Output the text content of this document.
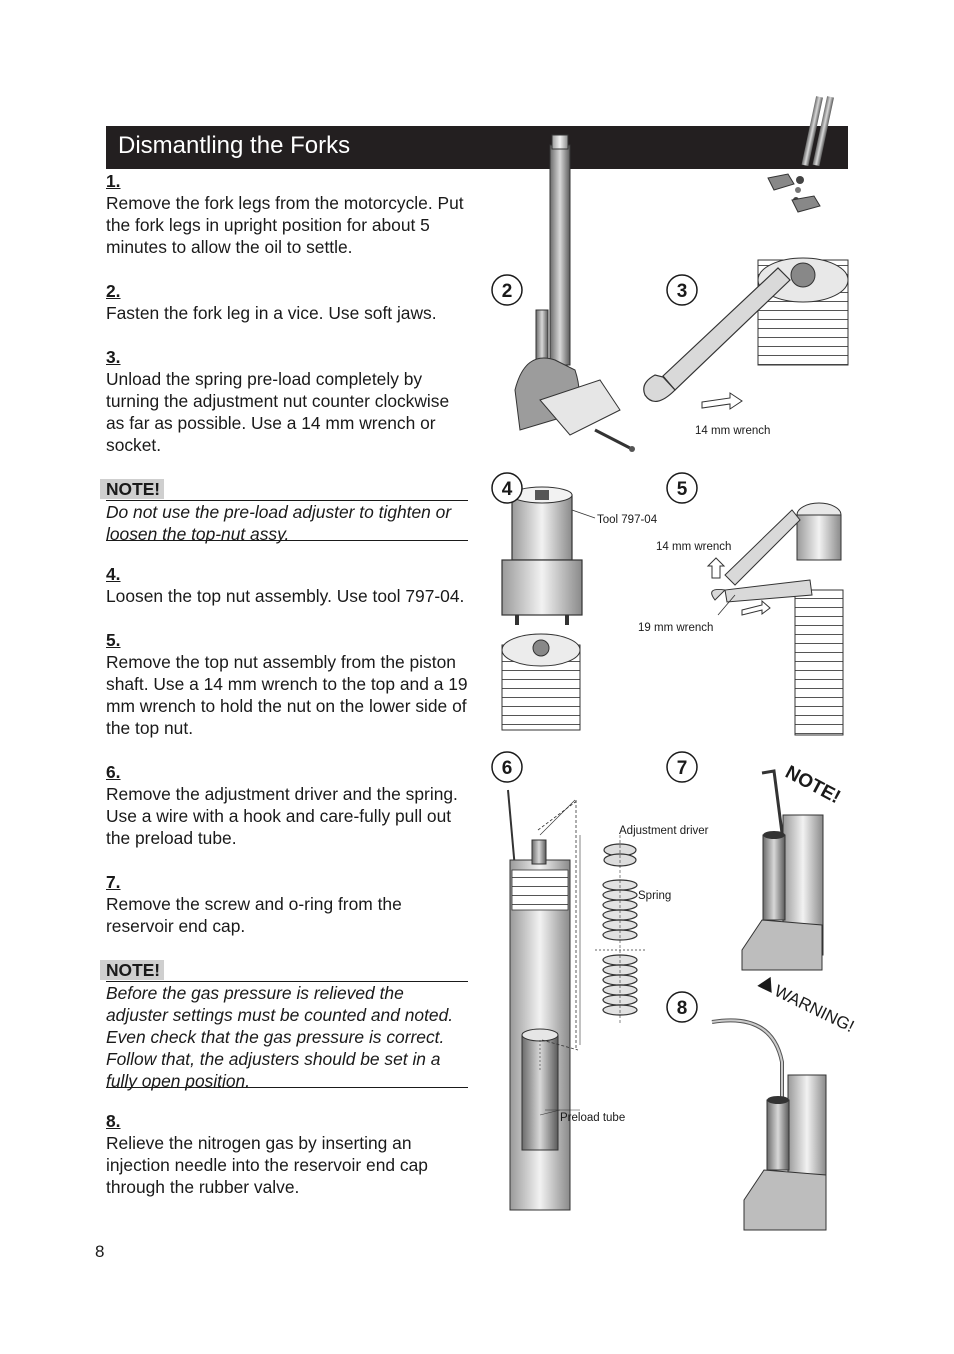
Dismantling the Forks
1.
Remove the fork legs from the motorcycle. Put the fork legs in upright position for about 5 minutes to allow the oil to settle.
2.
Fasten the fork leg in a vice. Use soft jaws.
3.
Unload the spring pre-load completely by turning the adjustment nut counter clockwise as far as possible. Use a 14 mm wrench or socket.
NOTE!
Do not use the pre-load adjuster to tighten or loosen the top-nut assy.
4.
Loosen the top nut assembly. Use tool 797-04.
5.
Remove the top nut assembly from the piston shaft. Use a 14 mm wrench to the top and a 19 mm wrench to hold the nut on the lower side of the top nut.
6.
Remove the adjustment driver and the spring. Use a wire with a hook and care-fully pull out the preload tube.
7.
Remove the screw and o-ring from the reservoir end cap.
NOTE!
Before the gas pressure is relieved the adjuster settings must be counted and noted. Even check that the gas pressure is correct. Follow that, the adjusters should be set in a fully open position.
8.
Relieve the nitrogen gas by inserting an injection needle into the reservoir end cap through the rubber valve.
8
2	3
14 mm wrench
4
Tool 797-04
5
14 mm wrench
19 mm wrench
6
Adjustment driver
Spring
Preload tube
7	NOTE!
8	WARNING!
